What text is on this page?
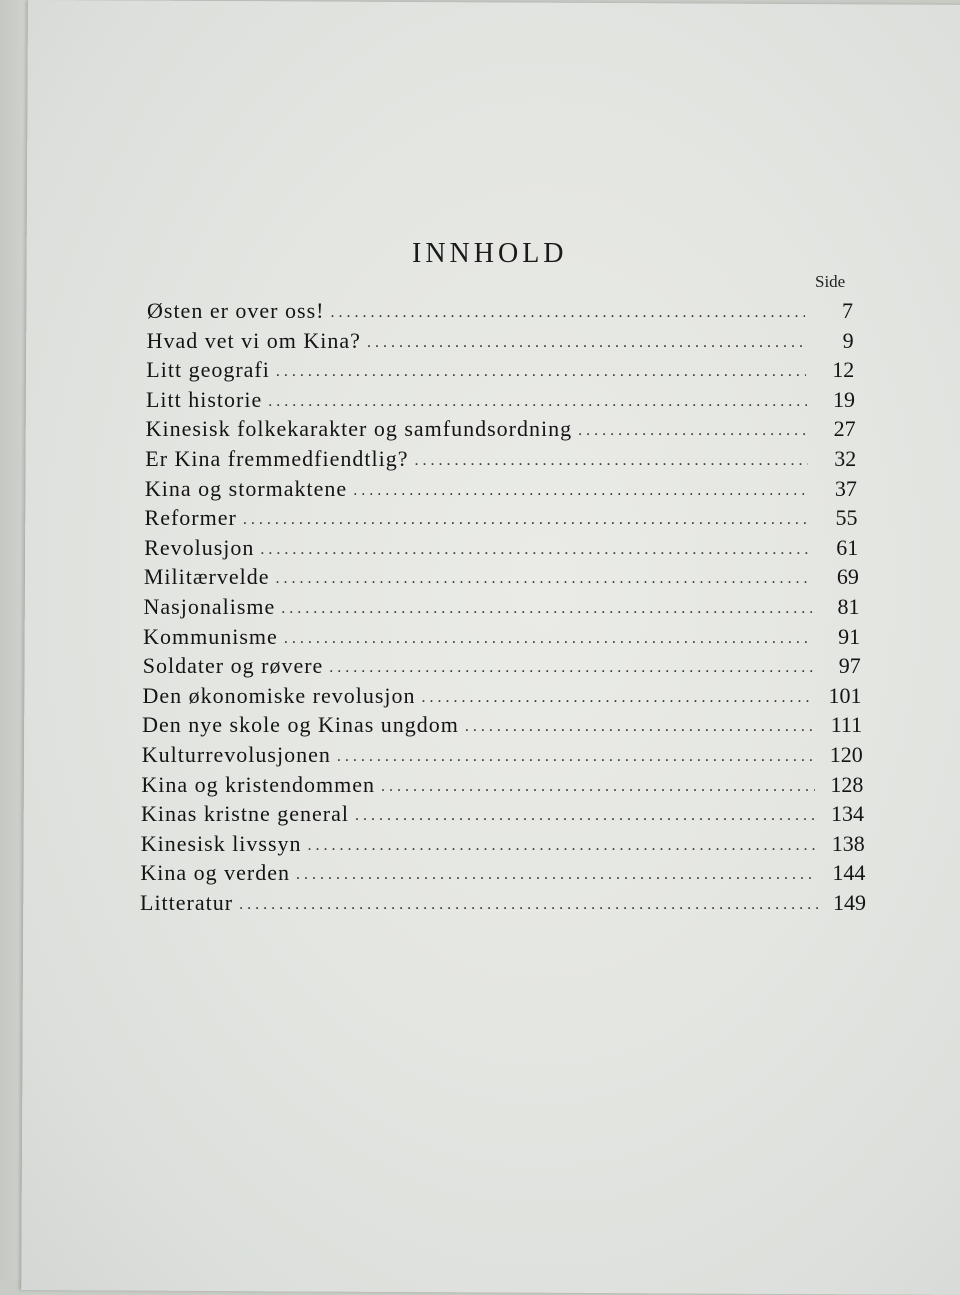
INNHOLD
Side
Østen er over oss! . . .	7
Hvad vet vi om Kina? . . .	9
Litt geografi . . .	12
Litt historie . . .	19
Kinesisk folkekarakter og samfundsordning . . .	27
Er Kina fremmedfiendtlig? . . .	32
Kina og stormaktene . . .	37
Reformer . . .	55
Revolusjon . . .	61
Militærvelde . . .	69
Nasjonalisme . . .	81
Kommunisme . . .	91
Soldater og røvere . . .	97
Den økonomiske revolusjon . . .	101
Den nye skole og Kinas ungdom . . .	111
Kulturrevolusjonen . . .	120
Kina og kristendommen . . .	128
Kinas kristne general . . .	134
Kinesisk livssyn . . .	138
Kina og verden . . .	144
Litteratur . . .	149
